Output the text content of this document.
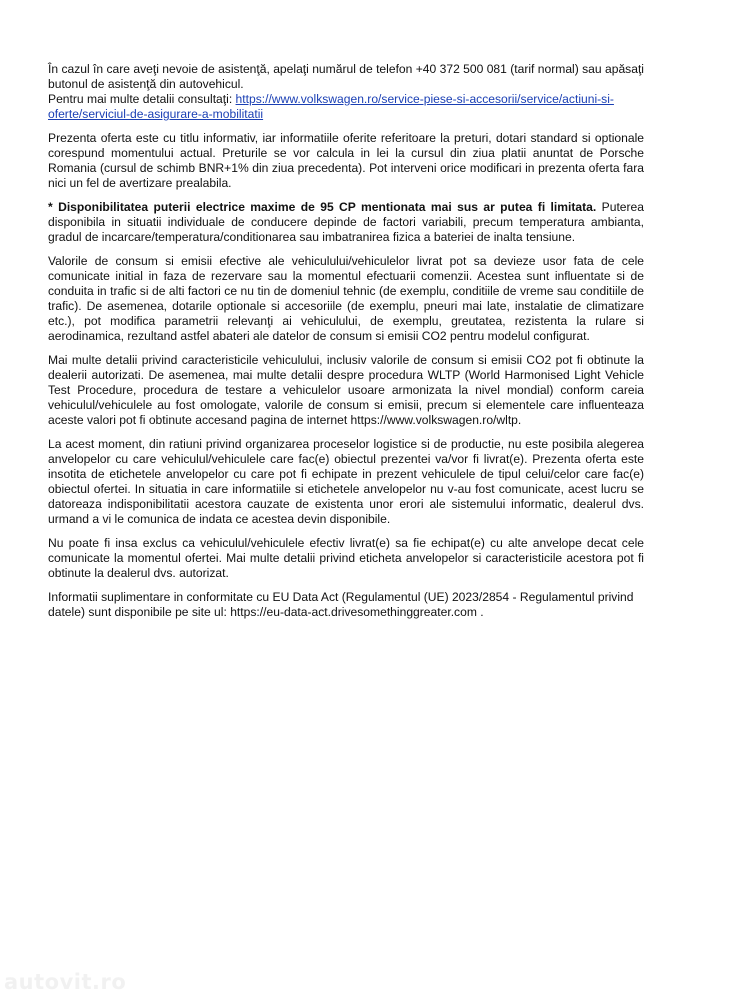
În cazul în care aveţi nevoie de asistenţă, apelaţi numărul de telefon +40 372 500 081 (tarif normal) sau apăsaţi butonul de asistenţă din autovehicul.
Pentru mai multe detalii consultaţi: https://www.volkswagen.ro/service-piese-si-accesorii/service/actiuni-si-oferte/serviciul-de-asigurare-a-mobilitatii

Prezenta oferta este cu titlu informativ, iar informatiile oferite referitoare la preturi, dotari standard si optionale corespund momentului actual. Preturile se vor calcula in lei la cursul din ziua platii anuntat de Porsche Romania (cursul de schimb BNR+1% din ziua precedenta). Pot interveni orice modificari in prezenta oferta fara nici un fel de avertizare prealabila.

* Disponibilitatea puterii electrice maxime de 95 CP mentionata mai sus ar putea fi limitata. Puterea disponibila in situatii individuale de conducere depinde de factori variabili, precum temperatura ambianta, gradul de incarcare/temperatura/conditionarea sau imbatranirea fizica a bateriei de inalta tensiune.

Valorile de consum si emisii efective ale vehiculului/vehiculelor livrat pot sa devieze usor fata de cele comunicate initial in faza de rezervare sau la momentul efectuarii comenzii. Acestea sunt influentate si de conduita in trafic si de alti factori ce nu tin de domeniul tehnic (de exemplu, conditiile de vreme sau conditiile de trafic). De asemenea, dotarile optionale si accesoriile (de exemplu, pneuri mai late, instalatie de climatizare etc.), pot modifica parametrii relevanţi ai vehiculului, de exemplu, greutatea, rezistenta la rulare si aerodinamica, rezultand astfel abateri ale datelor de consum si emisii CO2 pentru modelul configurat.

Mai multe detalii privind caracteristicile vehiculului, inclusiv valorile de consum si emisii CO2 pot fi obtinute la dealerii autorizati. De asemenea, mai multe detalii despre procedura WLTP (World Harmonised Light Vehicle Test Procedure, procedura de testare a vehiculelor usoare armonizata la nivel mondial) conform careia vehiculul/vehiculele au fost omologate, valorile de consum si emisii, precum si elementele care influenteaza aceste valori pot fi obtinute accesand pagina de internet https://www.volkswagen.ro/wltp.

La acest moment, din ratiuni privind organizarea proceselor logistice si de productie, nu este posibila alegerea anvelopelor cu care vehiculul/vehiculele care fac(e) obiectul prezentei va/vor fi livrat(e). Prezenta oferta este insotita de etichetele anvelopelor cu care pot fi echipate in prezent vehiculele de tipul celui/celor care fac(e) obiectul ofertei. In situatia in care informatiile si etichetele anvelopelor nu v-au fost comunicate, acest lucru se datoreaza indisponibilitatii acestora cauzate de existenta unor erori ale sistemului informatic, dealerul dvs. urmand a vi le comunica de indata ce acestea devin disponibile.

Nu poate fi insa exclus ca vehiculul/vehiculele efectiv livrat(e) sa fie echipat(e) cu alte anvelope decat cele comunicate la momentul ofertei. Mai multe detalii privind eticheta anvelopelor si caracteristicile acestora pot fi obtinute la dealerul dvs. autorizat.

Informatii suplimentare in conformitate cu EU Data Act (Regulamentul (UE) 2023/2854 - Regulamentul privind datele) sunt disponibile pe site ul: https://eu-data-act.drivesomethinggreater.com .

autovit.ro
